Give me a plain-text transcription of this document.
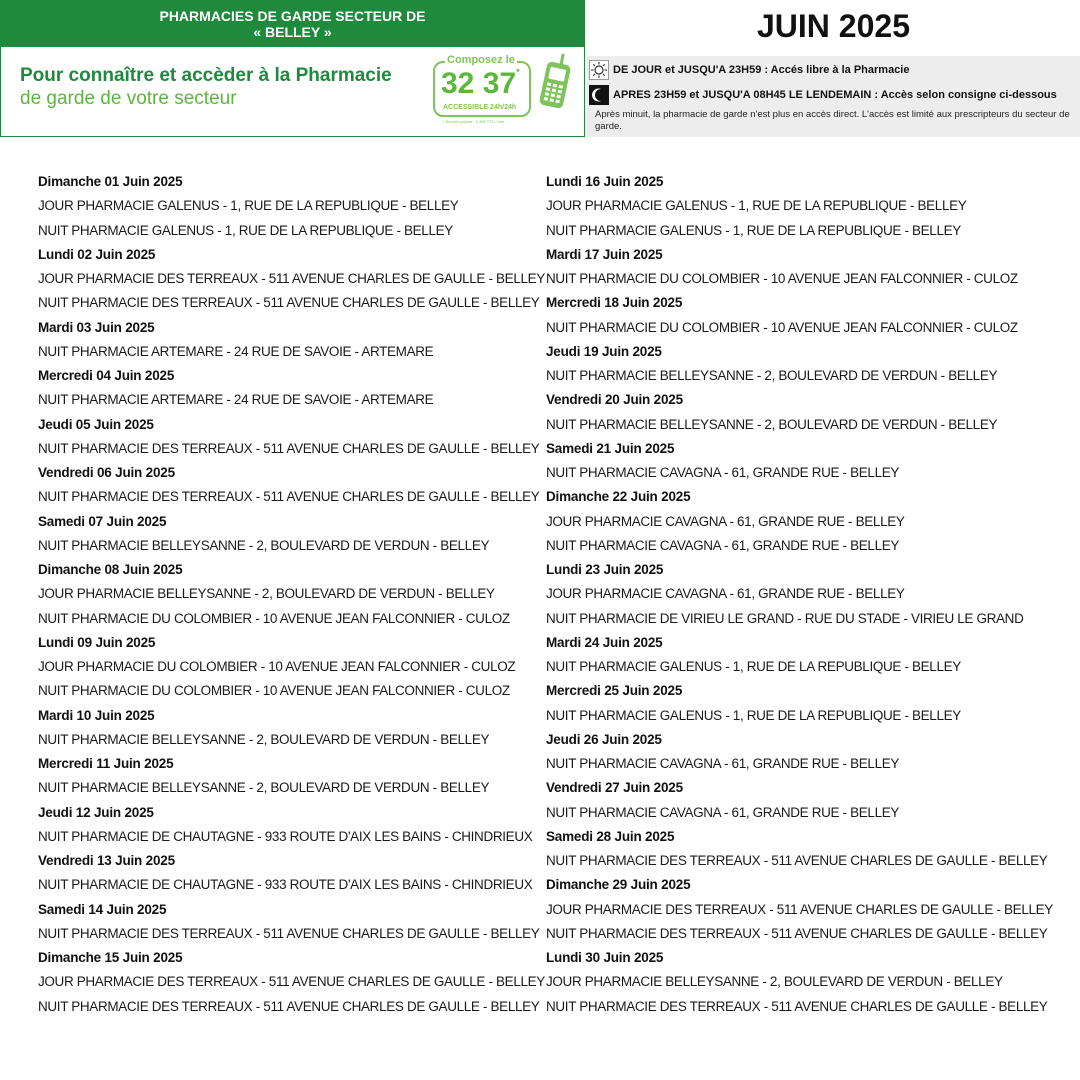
PHARMACIES DE GARDE SECTEUR DE
« BELLEY »
Pour connaître et accèder à la Pharmacie
de garde de votre secteur
Composez le
32 37*
ACCESSIBLE 24h/24h
* Service payant - 0,35€ TTC / min
JUIN 2025
DE JOUR et JUSQU'A 23H59 : Accés libre à la Pharmacie
APRES 23H59 et JUSQU'A 08H45 LE LENDEMAIN : Accès selon consigne ci-dessous
Après minuit, la pharmacie de garde n'est plus en accès direct. L'accès est limité aux prescripteurs du secteur de garde.
Dimanche 01 Juin 2025
JOUR PHARMACIE GALENUS - 1, RUE DE LA REPUBLIQUE - BELLEY
NUIT PHARMACIE GALENUS - 1, RUE DE LA REPUBLIQUE - BELLEY
Lundi 02 Juin 2025
JOUR PHARMACIE DES TERREAUX - 511 AVENUE CHARLES DE GAULLE - BELLEY
NUIT PHARMACIE DES TERREAUX - 511 AVENUE CHARLES DE GAULLE - BELLEY
Mardi 03 Juin 2025
NUIT PHARMACIE ARTEMARE - 24 RUE DE SAVOIE - ARTEMARE
Mercredi 04 Juin 2025
NUIT PHARMACIE ARTEMARE - 24 RUE DE SAVOIE - ARTEMARE
Jeudi 05 Juin 2025
NUIT PHARMACIE DES TERREAUX - 511 AVENUE CHARLES DE GAULLE - BELLEY
Vendredi 06 Juin 2025
NUIT PHARMACIE DES TERREAUX - 511 AVENUE CHARLES DE GAULLE - BELLEY
Samedi 07 Juin 2025
NUIT PHARMACIE BELLEYSANNE - 2, BOULEVARD DE VERDUN - BELLEY
Dimanche 08 Juin 2025
JOUR PHARMACIE BELLEYSANNE - 2, BOULEVARD DE VERDUN - BELLEY
NUIT PHARMACIE DU COLOMBIER - 10 AVENUE JEAN FALCONNIER - CULOZ
Lundi 09 Juin 2025
JOUR PHARMACIE DU COLOMBIER - 10 AVENUE JEAN FALCONNIER - CULOZ
NUIT PHARMACIE DU COLOMBIER - 10 AVENUE JEAN FALCONNIER - CULOZ
Mardi 10 Juin 2025
NUIT PHARMACIE BELLEYSANNE - 2, BOULEVARD DE VERDUN - BELLEY
Mercredi 11 Juin 2025
NUIT PHARMACIE BELLEYSANNE - 2, BOULEVARD DE VERDUN - BELLEY
Jeudi 12 Juin 2025
NUIT PHARMACIE DE CHAUTAGNE - 933 ROUTE D'AIX LES BAINS - CHINDRIEUX
Vendredi 13 Juin 2025
NUIT PHARMACIE DE CHAUTAGNE - 933 ROUTE D'AIX LES BAINS - CHINDRIEUX
Samedi 14 Juin 2025
NUIT PHARMACIE DES TERREAUX - 511 AVENUE CHARLES DE GAULLE - BELLEY
Dimanche 15 Juin 2025
JOUR PHARMACIE DES TERREAUX - 511 AVENUE CHARLES DE GAULLE - BELLEY
NUIT PHARMACIE DES TERREAUX - 511 AVENUE CHARLES DE GAULLE - BELLEY
Lundi 16 Juin 2025
JOUR PHARMACIE GALENUS - 1, RUE DE LA REPUBLIQUE - BELLEY
NUIT PHARMACIE GALENUS - 1, RUE DE LA REPUBLIQUE - BELLEY
Mardi 17 Juin 2025
NUIT PHARMACIE DU COLOMBIER - 10 AVENUE JEAN FALCONNIER - CULOZ
Mercredi 18 Juin 2025
NUIT PHARMACIE DU COLOMBIER - 10 AVENUE JEAN FALCONNIER - CULOZ
Jeudi 19 Juin 2025
NUIT PHARMACIE BELLEYSANNE - 2, BOULEVARD DE VERDUN - BELLEY
Vendredi 20 Juin 2025
NUIT PHARMACIE BELLEYSANNE - 2, BOULEVARD DE VERDUN - BELLEY
Samedi 21 Juin 2025
NUIT PHARMACIE CAVAGNA - 61, GRANDE RUE - BELLEY
Dimanche 22 Juin 2025
JOUR PHARMACIE CAVAGNA - 61, GRANDE RUE - BELLEY
NUIT PHARMACIE CAVAGNA - 61, GRANDE RUE - BELLEY
Lundi 23 Juin 2025
JOUR PHARMACIE CAVAGNA - 61, GRANDE RUE - BELLEY
NUIT PHARMACIE DE VIRIEU LE GRAND - RUE DU STADE - VIRIEU LE GRAND
Mardi 24 Juin 2025
NUIT PHARMACIE GALENUS - 1, RUE DE LA REPUBLIQUE - BELLEY
Mercredi 25 Juin 2025
NUIT PHARMACIE GALENUS - 1, RUE DE LA REPUBLIQUE - BELLEY
Jeudi 26 Juin 2025
NUIT PHARMACIE CAVAGNA - 61, GRANDE RUE - BELLEY
Vendredi 27 Juin 2025
NUIT PHARMACIE CAVAGNA - 61, GRANDE RUE - BELLEY
Samedi 28 Juin 2025
NUIT PHARMACIE DES TERREAUX - 511 AVENUE CHARLES DE GAULLE - BELLEY
Dimanche 29 Juin 2025
JOUR PHARMACIE DES TERREAUX - 511 AVENUE CHARLES DE GAULLE - BELLEY
NUIT PHARMACIE DES TERREAUX - 511 AVENUE CHARLES DE GAULLE - BELLEY
Lundi 30 Juin 2025
JOUR PHARMACIE BELLEYSANNE - 2, BOULEVARD DE VERDUN - BELLEY
NUIT PHARMACIE DES TERREAUX - 511 AVENUE CHARLES DE GAULLE - BELLEY
